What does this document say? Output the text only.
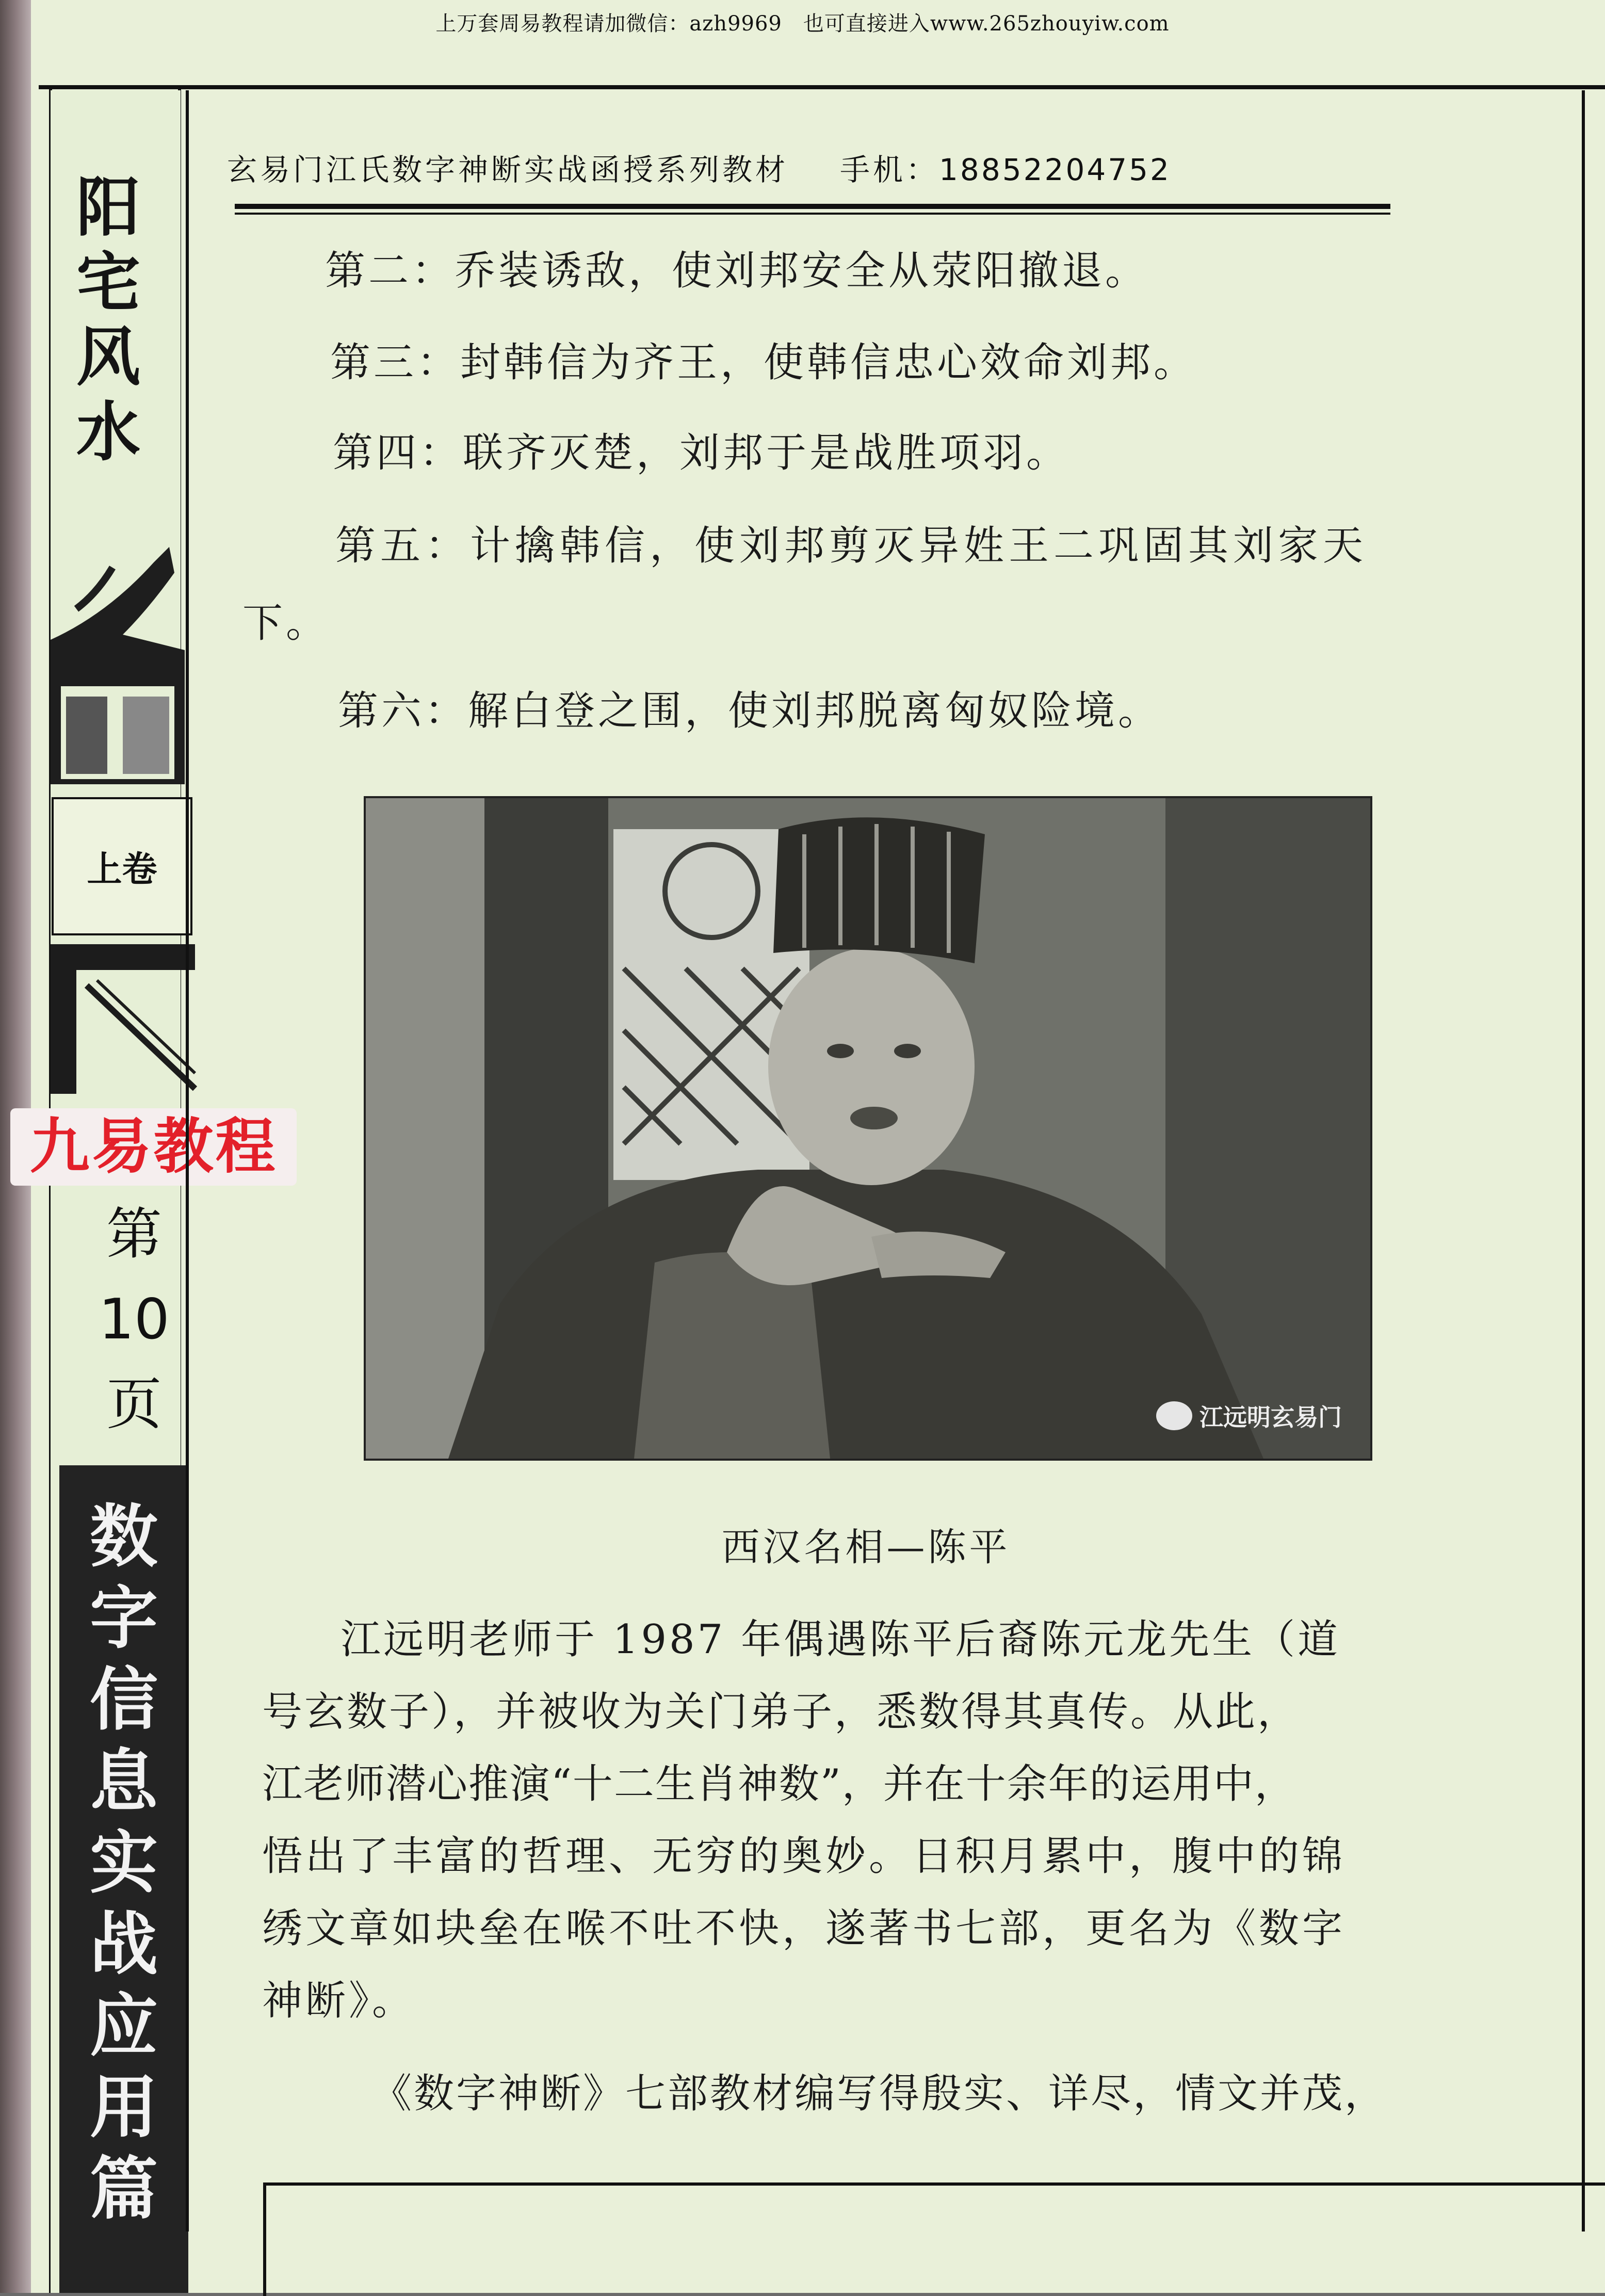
上万套周易教程请加微信：azh9969　也可直接进入www.265zhouyiw.com
阳宅风水
上卷
九易教程
第
10
页
数字信息实战应用篇
玄易门江氏数字神断实战函授系列教材 手机：18852204752
第二：乔装诱敌，使刘邦安全从荥阳撤退。
第三：封韩信为齐王，使韩信忠心效命刘邦。
第四：联齐灭楚，刘邦于是战胜项羽。
第五：计擒韩信，使刘邦剪灭异姓王二巩固其刘家天
下。
第六：解白登之围，使刘邦脱离匈奴险境。
江远明玄易门
西汉名相—陈平
江远明老师于 1987 年偶遇陈平后裔陈元龙先生（道
号玄数子），并被收为关门弟子，悉数得其真传。从此，
江老师潜心推演“十二生肖神数”，并在十余年的运用中，
悟出了丰富的哲理、无穷的奥妙。日积月累中，腹中的锦
绣文章如块垒在喉不吐不快，遂著书七部，更名为《数字
神断》。
《数字神断》七部教材编写得殷实、详尽，情文并茂，
